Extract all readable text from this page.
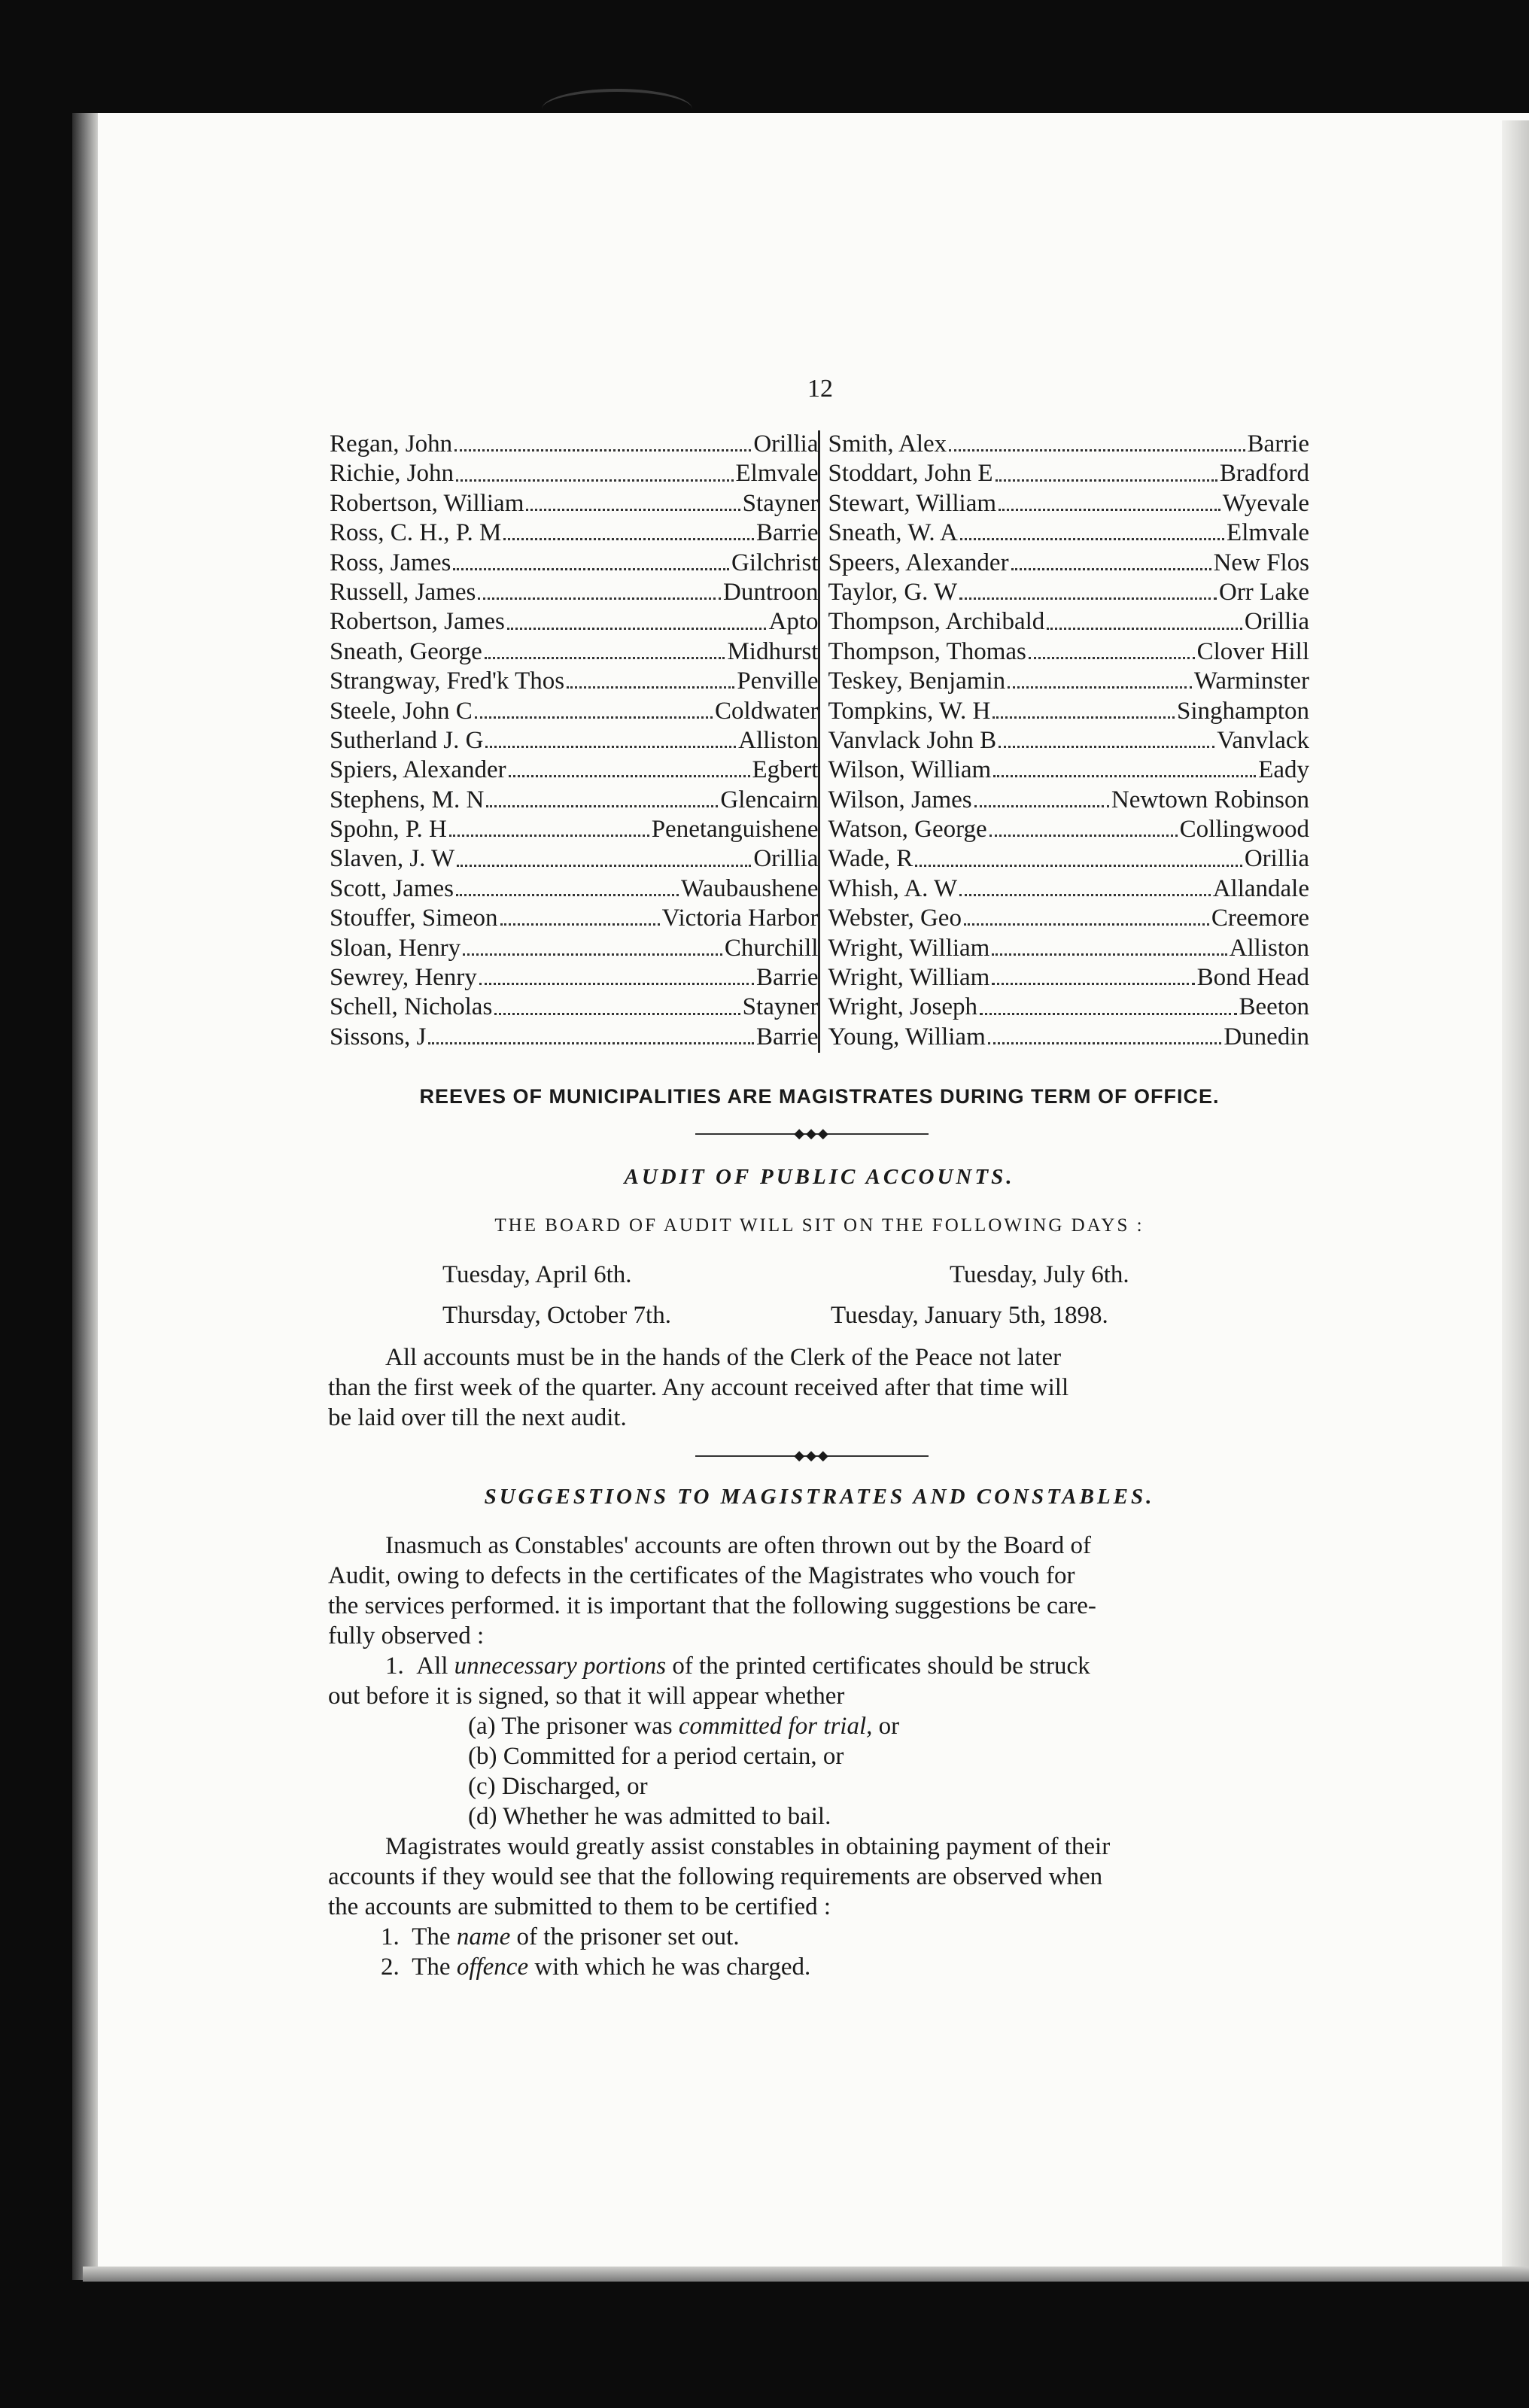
12
Regan, John	Orillia
Richie, John	Elmvale
Robertson, William	Stayner
Ross, C. H., P. M	Barrie
Ross, James	Gilchrist
Russell, James	Duntroon
Robertson, James	Apto
Sneath, George	Midhurst
Strangway, Fred'k Thos	Penville
Steele, John C	Coldwater
Sutherland J. G	Alliston
Spiers, Alexander	Egbert
Stephens, M. N	Glencairn
Spohn, P. H	Penetanguishene
Slaven, J. W	Orillia
Scott, James	Waubaushene
Stouffer, Simeon	Victoria Harbor
Sloan, Henry	Churchill
Sewrey, Henry	Barrie
Schell, Nicholas	Stayner
Sissons, J	Barrie
Smith, Alex	Barrie
Stoddart, John E	Bradford
Stewart, William	Wyevale
Sneath, W. A	Elmvale
Speers, Alexander	New Flos
Taylor, G. W	Orr Lake
Thompson, Archibald	Orillia
Thompson, Thomas	Clover Hill
Teskey, Benjamin	Warminster
Tompkins, W. H	Singhampton
Vanvlack John B	Vanvlack
Wilson, William	Eady
Wilson, James	Newtown Robinson
Watson, George	Collingwood
Wade, R	Orillia
Whish, A. W	Allandale
Webster, Geo	Creemore
Wright, William	Alliston
Wright, William	Bond Head
Wright, Joseph	Beeton
Young, William	Dunedin
REEVES OF MUNICIPALITIES ARE MAGISTRATES DURING TERM OF OFFICE.
◆◆◆
AUDIT OF PUBLIC ACCOUNTS.
THE BOARD OF AUDIT WILL SIT ON THE FOLLOWING DAYS :
Tuesday, April 6th.	Tuesday, July 6th.
Thursday, October 7th.	Tuesday, January 5th, 1898.
All accounts must be in the hands of the Clerk of the Peace not later
than the first week of the quarter. Any account received after that time will
be laid over till the next audit.
◆◆◆
SUGGESTIONS TO MAGISTRATES AND CONSTABLES.
Inasmuch as Constables' accounts are often thrown out by the Board of
Audit, owing to defects in the certificates of the Magistrates who vouch for
the services performed. it is important that the following suggestions be care-
fully observed :
1. All unnecessary portions of the printed certificates should be struck
out before it is signed, so that it will appear whether
(a) The prisoner was committed for trial, or
(b) Committed for a period certain, or
(c) Discharged, or
(d) Whether he was admitted to bail.
Magistrates would greatly assist constables in obtaining payment of their
accounts if they would see that the following requirements are observed when
the accounts are submitted to them to be certified :
1. The name of the prisoner set out.
2. The offence with which he was charged.
